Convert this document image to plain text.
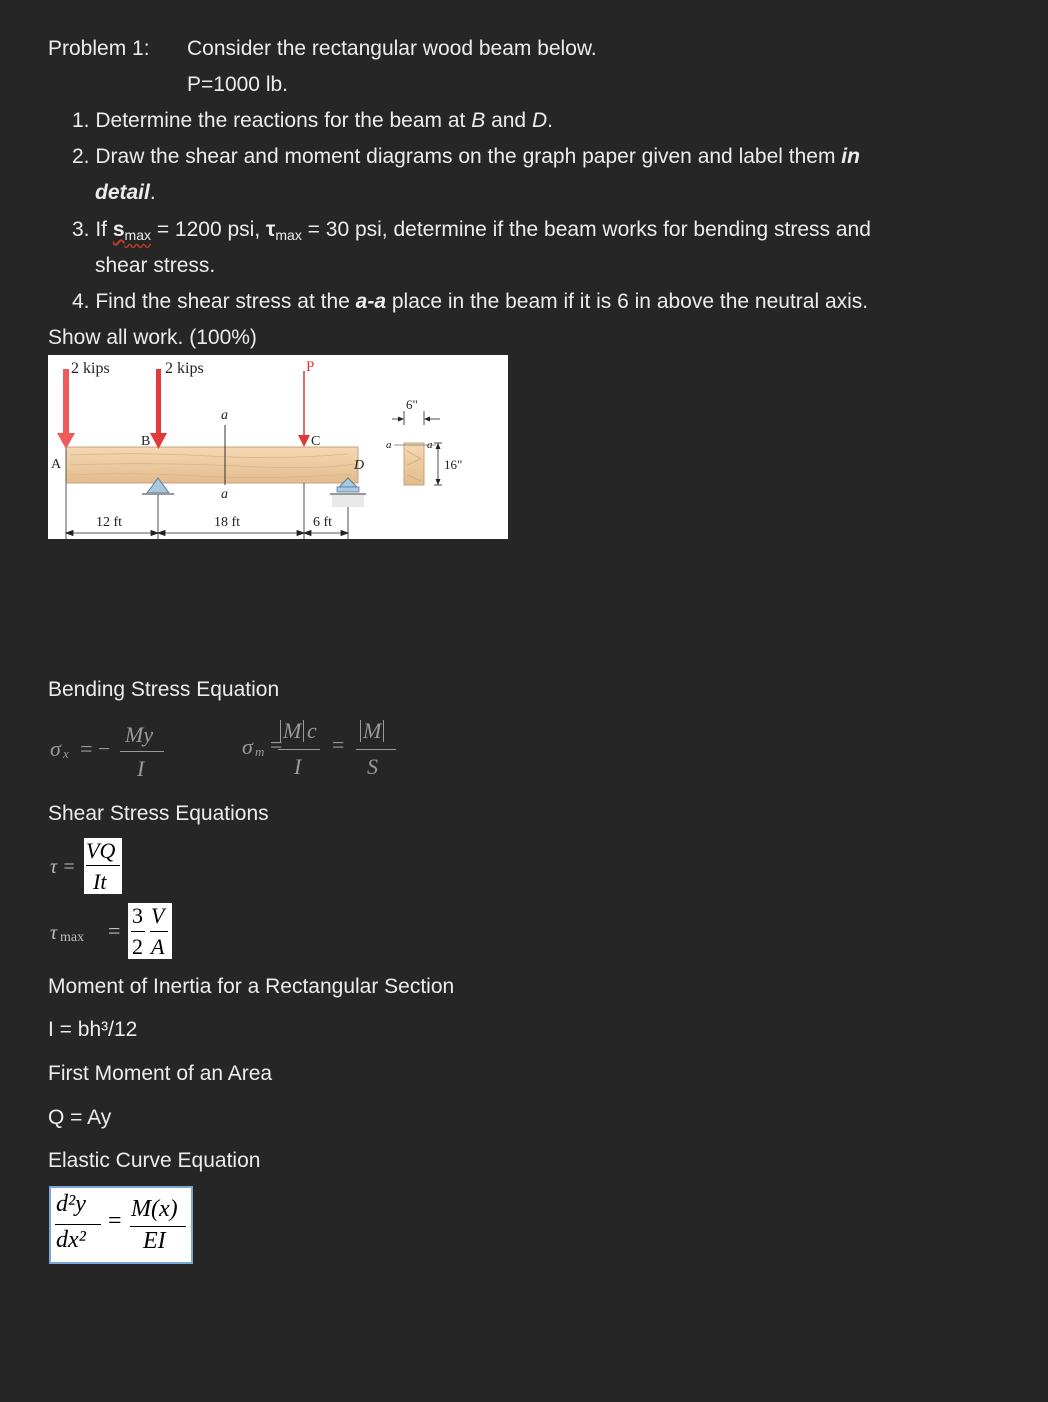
Problem 1: Consider the rectangular wood beam below.
P=1000 lb.
1. Determine the reactions for the beam at B and D.
2. Draw the shear and moment diagrams on the graph paper given and label them in
detail.
3. If $s_{max} = 1200$ psi, $\tau_{max} = 30$ psi, determine if the beam works for bending stress and
shear stress.
4. Find the shear stress at the a-a place in the beam if it is 6 in above the neutral axis.
Show all work. (100%)
2 kips	2 kips	P
A
B	C
D
a
a
12 ft	18 ft	6 ft
6"
16"
a	a
Bending Stress Equation
σ x = −
My
I
σ m
=
M c
I
=
M
S
Shear Stress Equations
τ =
VQ
It
τ max =
3 V
2 A
Moment of Inertia for a Rectangular Section
I = bh³/12
First Moment of an Area
Q = Ay
Elastic Curve Equation
d²y
dx²
= M(x)
EI
